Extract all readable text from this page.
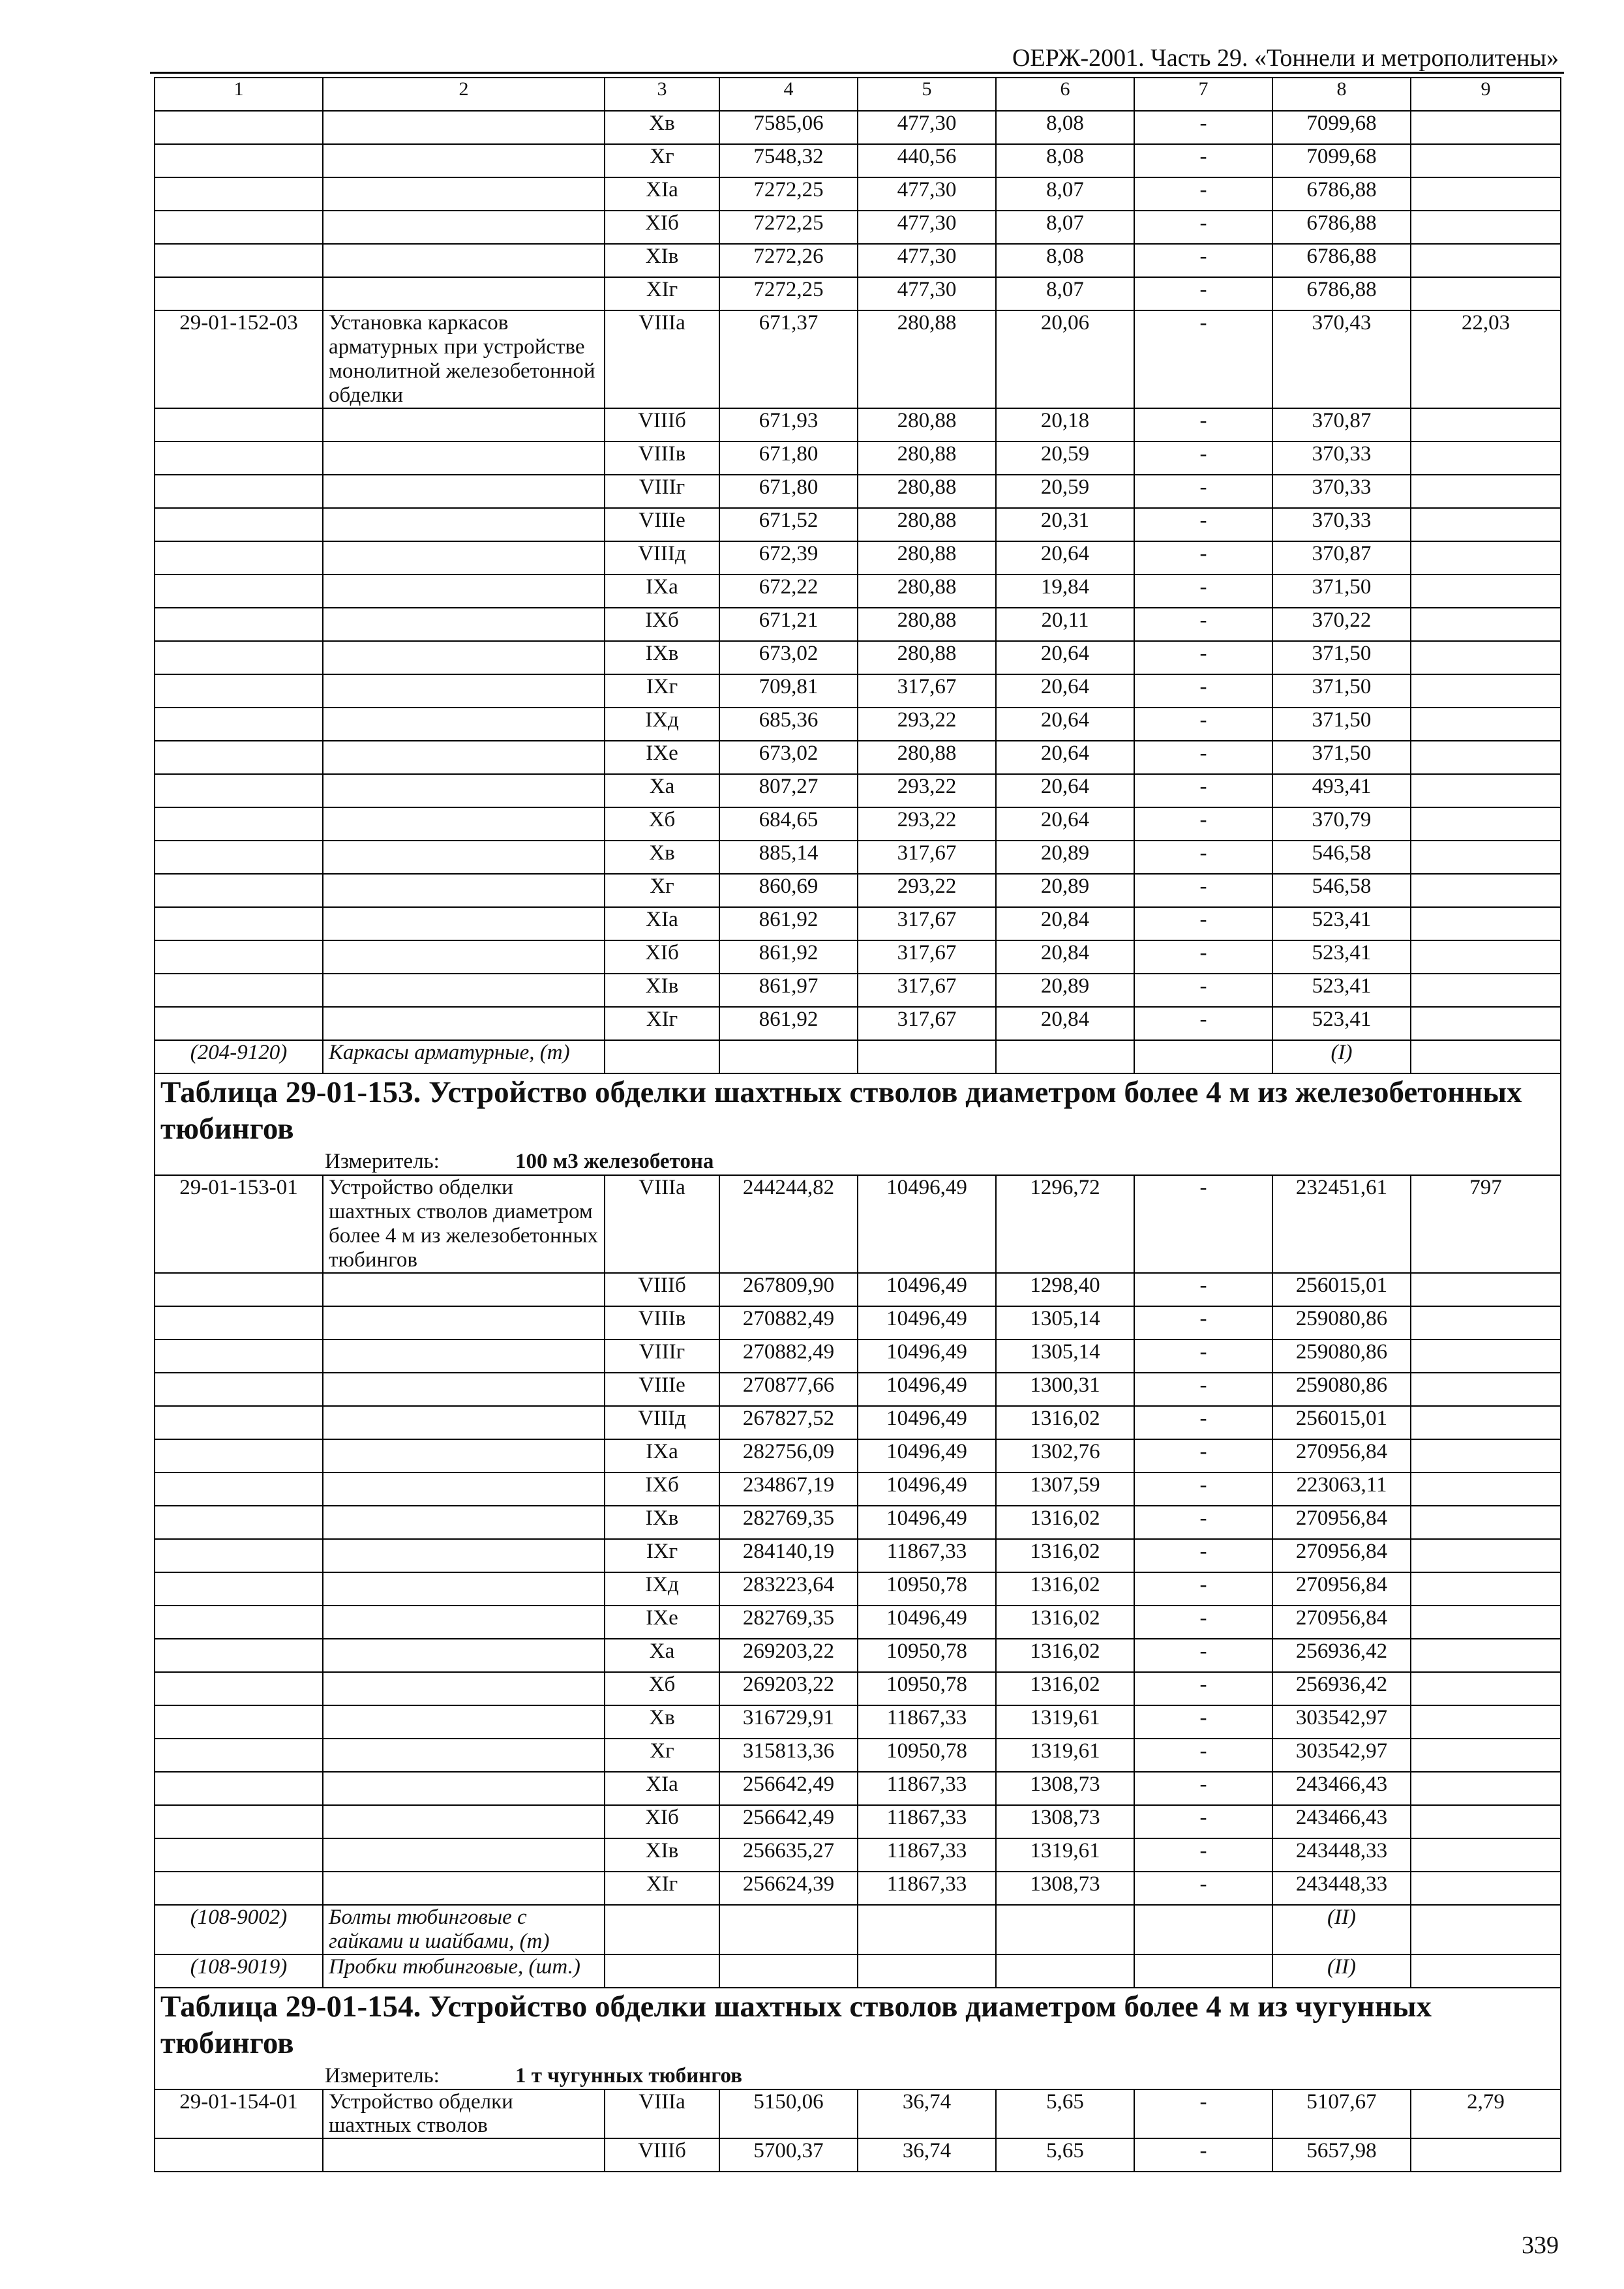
ОЕРЖ-2001. Часть 29. «Тоннели и метрополитены»
1	2	3	4	5	6	7	8	9
		Хв	7585,06	477,30	8,08	-	7099,68	
		Хг	7548,32	440,56	8,08	-	7099,68	
		ХIа	7272,25	477,30	8,07	-	6786,88	
		ХIб	7272,25	477,30	8,07	-	6786,88	
		ХIв	7272,26	477,30	8,08	-	6786,88	
		ХIг	7272,25	477,30	8,07	-	6786,88	
29-01-152-03	Установка каркасов арматурных при устройстве монолитной железобетонной обделки	VIIIа	671,37	280,88	20,06	-	370,43	22,03
		VIIIб	671,93	280,88	20,18	-	370,87	
		VIIIв	671,80	280,88	20,59	-	370,33	
		VIIIг	671,80	280,88	20,59	-	370,33	
		VIIIе	671,52	280,88	20,31	-	370,33	
		VIIIд	672,39	280,88	20,64	-	370,87	
		IХа	672,22	280,88	19,84	-	371,50	
		IХб	671,21	280,88	20,11	-	370,22	
		IХв	673,02	280,88	20,64	-	371,50	
		IХг	709,81	317,67	20,64	-	371,50	
		IХд	685,36	293,22	20,64	-	371,50	
		IХе	673,02	280,88	20,64	-	371,50	
		Ха	807,27	293,22	20,64	-	493,41	
		Хб	684,65	293,22	20,64	-	370,79	
		Хв	885,14	317,67	20,89	-	546,58	
		Хг	860,69	293,22	20,89	-	546,58	
		ХIа	861,92	317,67	20,84	-	523,41	
		ХIб	861,92	317,67	20,84	-	523,41	
		ХIв	861,97	317,67	20,89	-	523,41	
		ХIг	861,92	317,67	20,84	-	523,41	
(204-9120)	Каркасы арматурные, (т)						(I)	

Таблица 29-01-153. Устройство обделки шахтных стволов диаметром более 4 м из железобетонных тюбингов
Измеритель: 100 м3 железобетона								

29-01-153-01	Устройство обделки шахтных стволов диаметром более 4 м из железобетонных тюбингов	VIIIа	244244,82	10496,49	1296,72	-	232451,61	797
		VIIIб	267809,90	10496,49	1298,40	-	256015,01	
		VIIIв	270882,49	10496,49	1305,14	-	259080,86	
		VIIIг	270882,49	10496,49	1305,14	-	259080,86	
		VIIIе	270877,66	10496,49	1300,31	-	259080,86	
		VIIIд	267827,52	10496,49	1316,02	-	256015,01	
		IХа	282756,09	10496,49	1302,76	-	270956,84	
		IХб	234867,19	10496,49	1307,59	-	223063,11	
		IХв	282769,35	10496,49	1316,02	-	270956,84	
		IХг	284140,19	11867,33	1316,02	-	270956,84	
		IХд	283223,64	10950,78	1316,02	-	270956,84	
		IХе	282769,35	10496,49	1316,02	-	270956,84	
		Ха	269203,22	10950,78	1316,02	-	256936,42	
		Хб	269203,22	10950,78	1316,02	-	256936,42	
		Хв	316729,91	11867,33	1319,61	-	303542,97	
		Хг	315813,36	10950,78	1319,61	-	303542,97	
		ХIа	256642,49	11867,33	1308,73	-	243466,43	
		ХIб	256642,49	11867,33	1308,73	-	243466,43	
		ХIв	256635,27	11867,33	1319,61	-	243448,33	
		ХIг	256624,39	11867,33	1308,73	-	243448,33	
(108-9002)	Болты тюбинговые с гайками и шайбами, (т)						(II)	
(108-9019)	Пробки тюбинговые, (шт.)						(II)	

Таблица 29-01-154. Устройство обделки шахтных стволов диаметром более 4 м из чугунных тюбингов
Измеритель: 1 т чугунных тюбингов								

29-01-154-01	Устройство обделки шахтных стволов	VIIIа	5150,06	36,74	5,65	-	5107,67	2,79
		VIIIб	5700,37	36,74	5,65	-	5657,98	
339
